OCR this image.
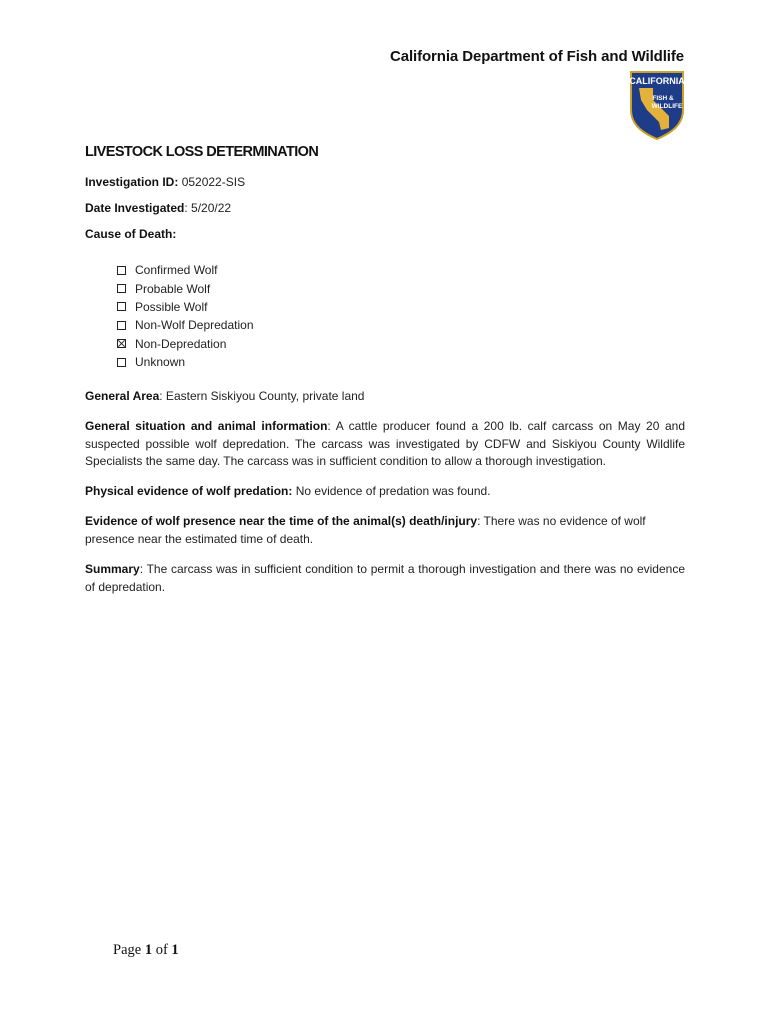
California Department of Fish and Wildlife
CALIFORNIA
FISH &
WILDLIFE
LIVESTOCK LOSS DETERMINATION
Investigation ID: 052022-SIS
Date Investigated: 5/20/22
Cause of Death:
Confirmed Wolf
Probable Wolf
Possible Wolf
Non-Wolf Depredation
Non-Depredation
Unknown
General Area: Eastern Siskiyou County, private land

General situation and animal information: A cattle producer found a 200 lb. calf carcass on May 20 and suspected possible wolf depredation. The carcass was investigated by CDFW and Siskiyou County Wildlife Specialists the same day. The carcass was in sufficient condition to allow a thorough investigation.

Physical evidence of wolf predation: No evidence of predation was found.

Evidence of wolf presence near the time of the animal(s) death/injury: There was no evidence of wolf presence near the estimated time of death.

Summary: The carcass was in sufficient condition to permit a thorough investigation and there was no evidence of depredation.

Page 1 of 1
